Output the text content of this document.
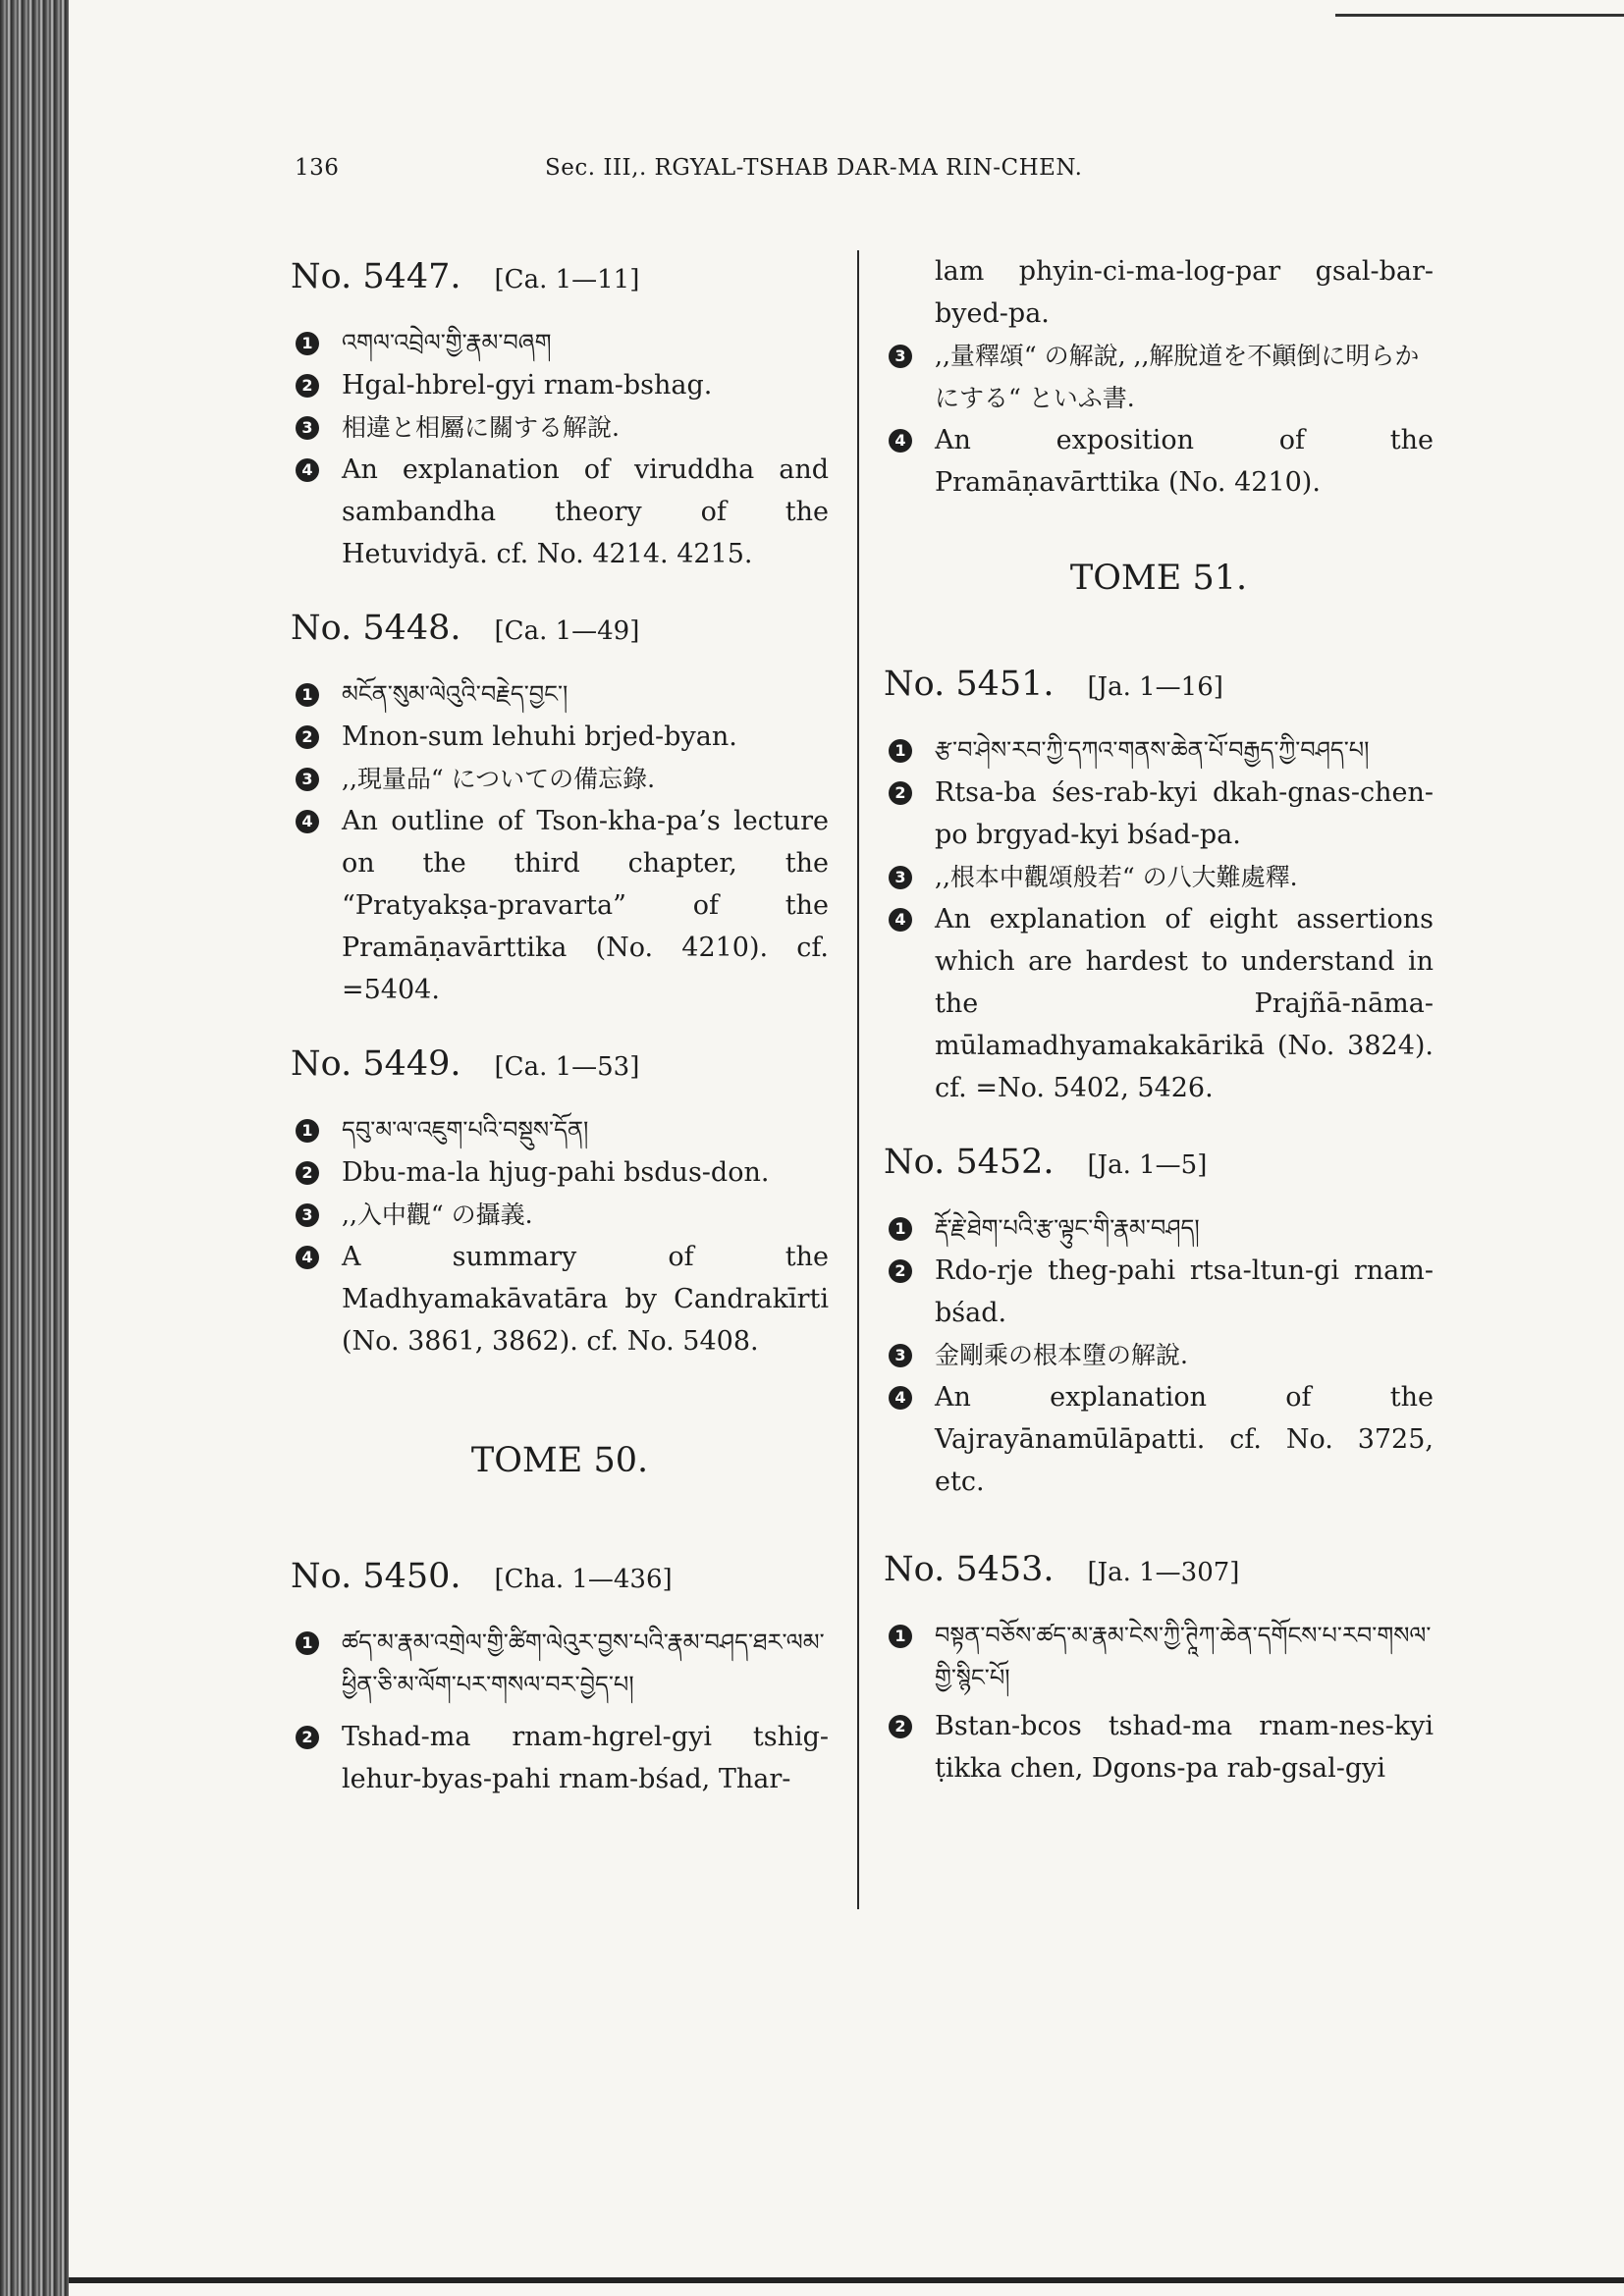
136	Sec. III,. RGYAL-TSHAB DAR-MA RIN-CHEN.
No. 5447. [Ca. 1—11]
1 འགལ་འབྲེལ་གྱི་རྣམ་བཞག
2 Hgal-hbrel-gyi rnam-bshag.
3 相違と相屬に關する解說.
4 An explanation of viruddha and sambandha theory of the Hetuvidyā. cf. No. 4214. 4215.
No. 5448. [Ca. 1—49]
1 མངོན་སུམ་ལེའུའི་བརྗེད་བྱང་།
2 Mnon-sum lehuhi brjed-byan.
3 ,,現量品“ についての備忘錄.
4 An outline of Tson-kha-pa’s lecture on the third chapter, the “Pratyakṣa-pravarta” of the Pramāṇavārttika (No. 4210). cf. =5404.
No. 5449. [Ca. 1—53]
1 དབུ་མ་ལ་འཇུག་པའི་བསྡུས་དོན།
2 Dbu-ma-la hjug-pahi bsdus-don.
3 ,,入中觀“ の攝義.
4 A summary of the Madhyamakāvatāra by Candrakīrti (No. 3861, 3862). cf. No. 5408.
TOME 50.
No. 5450. [Cha. 1—436]
1 ཚད་མ་རྣམ་འགྲེལ་གྱི་ཚིག་ལེའུར་བྱས་པའི་རྣམ་བཤད་ཐར་ལམ་ཕྱིན་ཅི་མ་ལོག་པར་གསལ་བར་བྱེད་པ།
2 Tshad-ma rnam-hgrel-gyi tshig-lehur-byas-pahi rnam-bśad, Thar-
lam phyin-ci-ma-log-par gsal-bar-byed-pa.
3 ,,量釋頌“ の解說, ,,解脫道を不顚倒に明らかにする“ といふ書.
4 An exposition of the Pramāṇavārttika (No. 4210).
TOME 51.
No. 5451. [Ja. 1—16]
1 རྩ་བ་ཤེས་རབ་ཀྱི་དཀའ་གནས་ཆེན་པོ་བརྒྱད་ཀྱི་བཤད་པ།
2 Rtsa-ba śes-rab-kyi dkah-gnas-chen-po brgyad-kyi bśad-pa.
3 ,,根本中觀頌般若“ の八大難處釋.
4 An explanation of eight assertions which are hardest to understand in the Prajñā-nāma-mūlamadhyamakakārikā (No. 3824). cf. =No. 5402, 5426.
No. 5452. [Ja. 1—5]
1 རྡོ་རྗེ་ཐེག་པའི་རྩ་ལྟུང་གི་རྣམ་བཤད།
2 Rdo-rje theg-pahi rtsa-ltun-gi rnam-bśad.
3 金剛乘の根本墮の解說.
4 An explanation of the Vajrayānamūlāpatti. cf. No. 3725, etc.
No. 5453. [Ja. 1—307]
1 བསྟན་བཅོས་ཚད་མ་རྣམ་ངེས་ཀྱི་ཊཱིཀ་ཆེན་དགོངས་པ་རབ་གསལ་གྱི་སྙིང་པོ།
2 Bstan-bcos tshad-ma rnam-nes-kyi ṭikka chen, Dgons-pa rab-gsal-gyi
